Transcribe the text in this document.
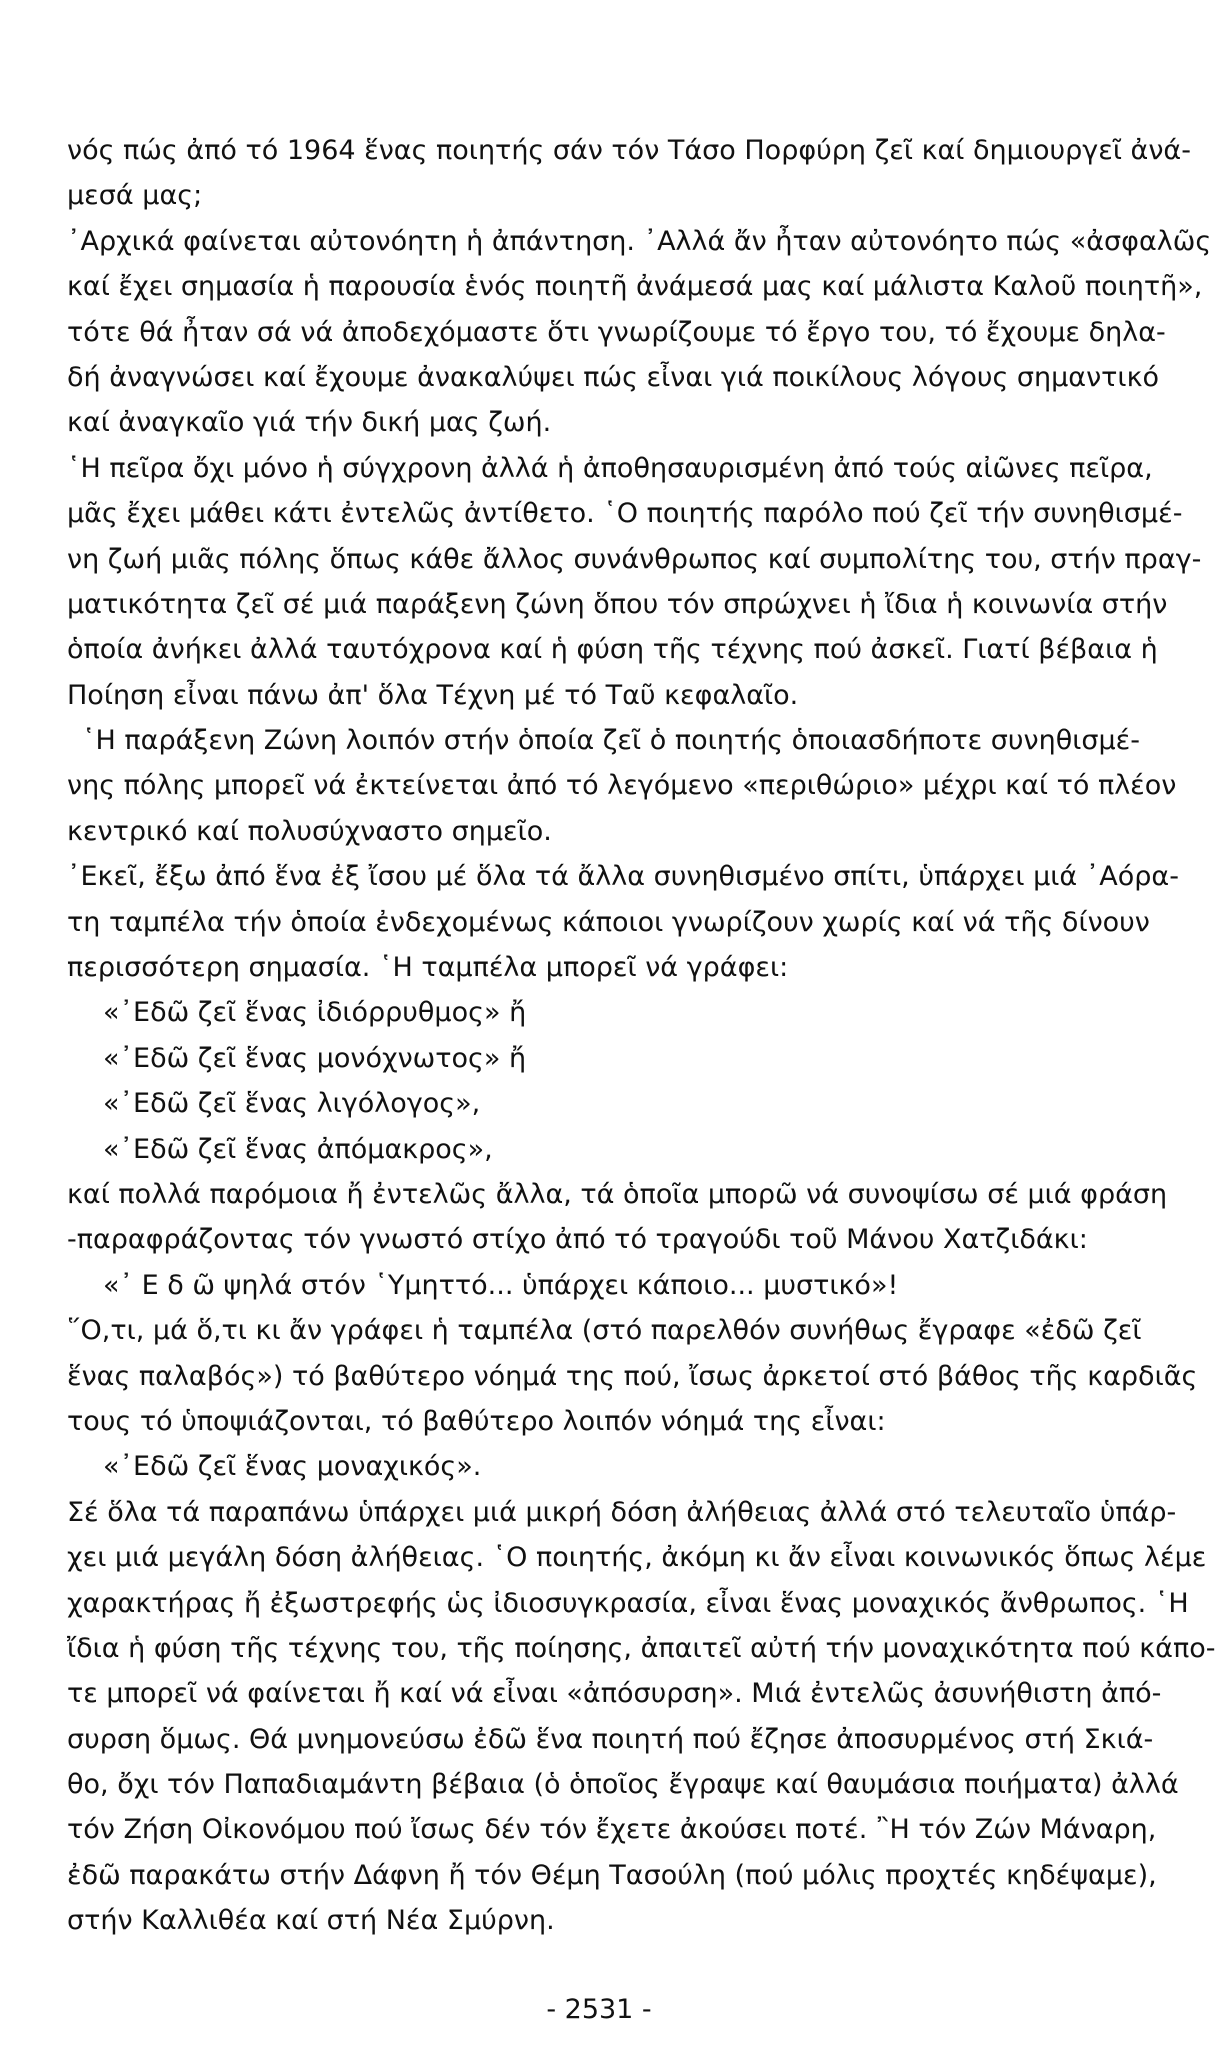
νός πώς ἀπό τό 1964 ἕνας ποιητής σάν τόν Τάσο Πορφύρη ζεῖ καί δημιουργεῖ ἀνά-
μεσά μας;
᾿Αρχικά φαίνεται αὐτονόητη ἡ ἀπάντηση. ᾿Αλλά ἄν ἦταν αὐτονόητο πώς «ἀσφαλῶς
καί ἔχει σημασία ἡ παρουσία ἑνός ποιητῆ ἀνάμεσά μας καί μάλιστα Καλοῦ ποιητῆ»,
τότε θά ἦταν σά νά ἀποδεχόμαστε ὅτι γνωρίζουμε τό ἔργο του, τό ἔχουμε δηλα-
δή ἀναγνώσει καί ἔχουμε ἀνακαλύψει πώς εἶναι γιά ποικίλους λόγους σημαντικό
καί ἀναγκαῖο γιά τήν δική μας ζωή.
῾Η πεῖρα ὄχι μόνο ἡ σύγχρονη ἀλλά ἡ ἀποθησαυρισμένη ἀπό τούς αἰῶνες πεῖρα,
μᾶς ἔχει μάθει κάτι ἐντελῶς ἀντίθετο. ῾Ο ποιητής παρόλο πού ζεῖ τήν συνηθισμέ-
νη ζωή μιᾶς πόλης ὅπως κάθε ἄλλος συνάνθρωπος καί συμπολίτης του, στήν πραγ-
ματικότητα ζεῖ σέ μιά παράξενη ζώνη ὅπου τόν σπρώχνει ἡ ἴδια ἡ κοινωνία στήν
ὁποία ἀνήκει ἀλλά ταυτόχρονα καί ἡ φύση τῆς τέχνης πού ἀσκεῖ. Γιατί βέβαια ἡ
Ποίηση εἶναι πάνω ἀπ' ὅλα Τέχνη μέ τό Ταῦ κεφαλαῖο.
῾Η παράξενη Ζώνη λοιπόν στήν ὁποία ζεῖ ὁ ποιητής ὁποιασδήποτε συνηθισμέ-
νης πόλης μπορεῖ νά ἐκτείνεται ἀπό τό λεγόμενο «περιθώριο» μέχρι καί τό πλέον
κεντρικό καί πολυσύχναστο σημεῖο.
᾿Εκεῖ, ἔξω ἀπό ἕνα ἐξ ἴσου μέ ὅλα τά ἄλλα συνηθισμένο σπίτι, ὑπάρχει μιά ᾿Αόρα-
τη ταμπέλα τήν ὁποία ἐνδεχομένως κάποιοι γνωρίζουν χωρίς καί νά τῆς δίνουν
περισσότερη σημασία. ῾Η ταμπέλα μπορεῖ νά γράφει:
«᾿Εδῶ ζεῖ ἕνας ἰδιόρρυθμος» ἤ
«᾿Εδῶ ζεῖ ἕνας μονόχνωτος» ἤ
«᾿Εδῶ ζεῖ ἕνας λιγόλογος»,
«᾿Εδῶ ζεῖ ἕνας ἀπόμακρος»,
καί πολλά παρόμοια ἤ ἐντελῶς ἄλλα, τά ὁποῖα μπορῶ νά συνοψίσω σέ μιά φράση
-παραφράζοντας τόν γνωστό στίχο ἀπό τό τραγούδι τοῦ Μάνου Χατζιδάκι:
«᾿ Ε δ ῶ ψηλά στόν ῾Υμηττό... ὑπάρχει κάποιο... μυστικό»!
῞Ο,τι, μά ὅ,τι κι ἄν γράφει ἡ ταμπέλα (στό παρελθόν συνήθως ἔγραφε «ἐδῶ ζεῖ
ἕνας παλαβός») τό βαθύτερο νόημά της πού, ἴσως ἀρκετοί στό βάθος τῆς καρδιᾶς
τους τό ὑποψιάζονται, τό βαθύτερο λοιπόν νόημά της εἶναι:
«᾿Εδῶ ζεῖ ἕνας μοναχικός».
Σέ ὅλα τά παραπάνω ὑπάρχει μιά μικρή δόση ἀλήθειας ἀλλά στό τελευταῖο ὑπάρ-
χει μιά μεγάλη δόση ἀλήθειας. ῾Ο ποιητής, ἀκόμη κι ἄν εἶναι κοινωνικός ὅπως λέμε
χαρακτήρας ἤ ἐξωστρεφής ὡς ἰδιοσυγκρασία, εἶναι ἕνας μοναχικός ἄνθρωπος. ῾Η
ἴδια ἡ φύση τῆς τέχνης του, τῆς ποίησης, ἀπαιτεῖ αὐτή τήν μοναχικότητα πού κάπο-
τε μπορεῖ νά φαίνεται ἤ καί νά εἶναι «ἀπόσυρση». Μιά ἐντελῶς ἀσυνήθιστη ἀπό-
συρση ὅμως. Θά μνημονεύσω ἐδῶ ἕνα ποιητή πού ἔζησε ἀποσυρμένος στή Σκιά-
θο, ὄχι τόν Παπαδιαμάντη βέβαια (ὁ ὁποῖος ἔγραψε καί θαυμάσια ποιήματα) ἀλλά
τόν Ζήση Οἰκονόμου πού ἴσως δέν τόν ἔχετε ἀκούσει ποτέ. ῍Η τόν Ζών Μάναρη,
ἐδῶ παρακάτω στήν Δάφνη ἤ τόν Θέμη Τασούλη (πού μόλις προχτές κηδέψαμε),
στήν Καλλιθέα καί στή Νέα Σμύρνη.
- 2531 -
